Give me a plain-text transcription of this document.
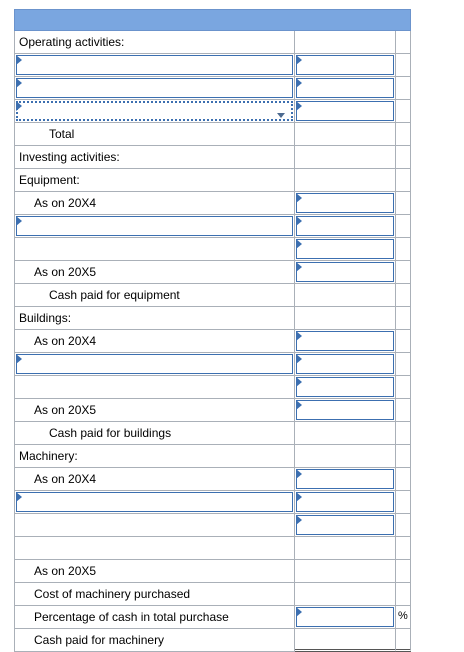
Operating activities:
Total
Investing activities:
Equipment:
As on 20X4
As on 20X5
Cash paid for equipment
Buildings:
As on 20X4
As on 20X5
Cash paid for buildings
Machinery:
As on 20X4
As on 20X5
Cost of machinery purchased
Percentage of cash in total purchase	%
Cash paid for machinery
